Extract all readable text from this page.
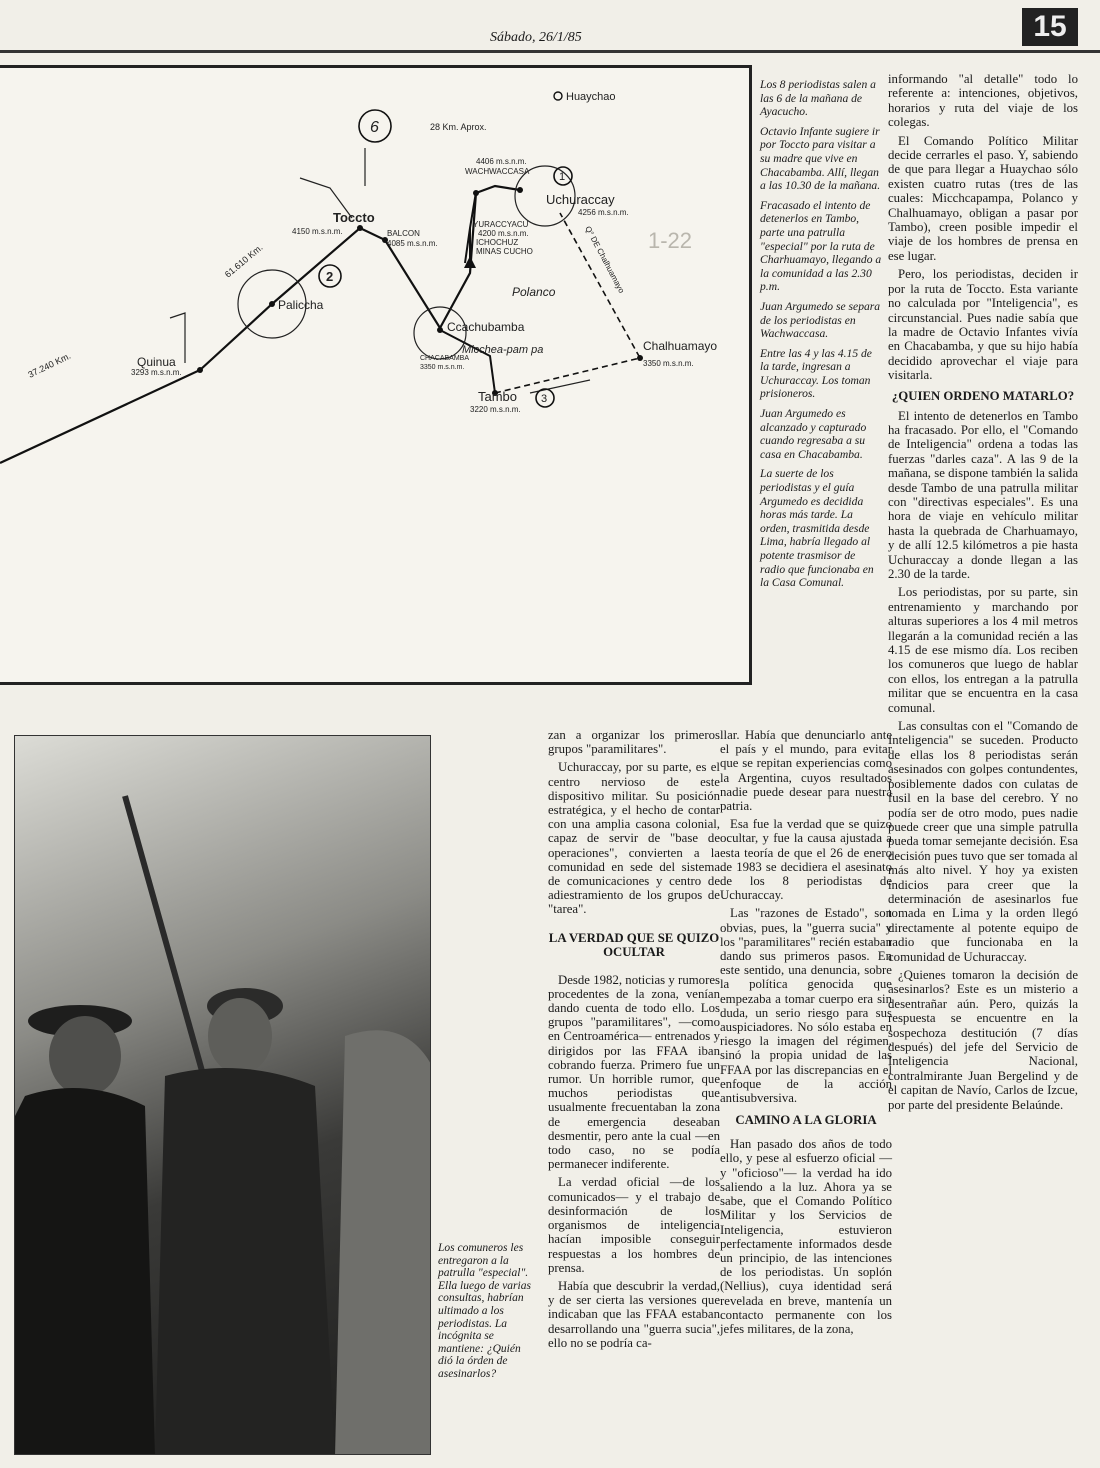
Sábado, 26/1/85	15
Huaychao
Toccto
4150 m.s.n.m.	BALCON
4085 m.s.n.m.
Paliccha
Quinua
3293 m.s.n.m.
4406 m.s.n.m.
WACHWACCASA
Uchuraccay
4256 m.s.n.m.
YURACCYACU
4200 m.s.n.m.
ICHOCHUZ
MINAS CUCHO
Ccachubamba
Micchea-pam pa
CHACABAMBA
3350 m.s.n.m.
Polanco
Chalhuamayo
3350 m.s.n.m.
Tambo
3220 m.s.n.m.
Q° DE Chalhuamayo
37.240 Km.
61.610 Km.
28 Km. Aprox.
6
2
1
3
1-22

Los 8 periodistas salen a las 6 de la mañana de Ayacucho.

Octavio Infante sugiere ir por Toccto para visitar a su madre que vive en Chacabamba. Allí, llegan a las 10.30 de la mañana.

Fracasado el intento de detenerlos en Tambo, parte una patrulla "especial" por la ruta de Charhuamayo, llegando a la comunidad a las 2.30 p.m.

Juan Argumedo se separa de los periodistas en Wachwaccasa.

Entre las 4 y las 4.15 de la tarde, ingresan a Uchuraccay. Los toman prisioneros.

Juan Argumedo es alcanzado y capturado cuando regresaba a su casa en Chacabamba.

La suerte de los periodistas y el guía Argumedo es decidida horas más tarde. La orden, trasmitida desde Lima, habría llegado al potente trasmisor de radio que funcionaba en la Casa Comunal.

informando "al detalle" todo lo referente a: intenciones, objetivos, horarios y ruta del viaje de los colegas.

El Comando Político Militar decide cerrarles el paso. Y, sabiendo de que para llegar a Huaychao sólo existen cuatro rutas (tres de las cuales: Micchcapampa, Polanco y Chalhuamayo, obligan a pasar por Tambo), creen posible impedir el viaje de los hombres de prensa en ese lugar.

Pero, los periodistas, deciden ir por la ruta de Toccto. Esta variante no calculada por "Inteligencia", es circunstancial. Pues nadie sabía que la madre de Octavio Infantes vivía en Chacabamba, y que su hijo había decidido aprovechar el viaje para visitarla.

¿QUIEN ORDENO MATARLO?

El intento de detenerlos en Tambo ha fracasado. Por ello, el "Comando de Inteligencia" ordena a todas las fuerzas "darles caza". A las 9 de la mañana, se dispone también la salida desde Tambo de una patrulla militar con "directivas especiales". Es una hora de viaje en vehículo militar hasta la quebrada de Charhuamayo, y de allí 12.5 kilómetros a pie hasta Uchuraccay a donde llegan a las 2.30 de la tarde.

Los periodistas, por su parte, sin entrenamiento y marchando por alturas superiores a los 4 mil metros llegarán a la comunidad recién a las 4.15 de ese mismo día. Los reciben los comuneros que luego de hablar con ellos, los entregan a la patrulla militar que se encuentra en la casa comunal.

Las consultas con el "Comando de Inteligencia" se suceden. Producto de ellas los 8 periodistas serán asesinados con golpes contundentes, posiblemente dados con culatas de fusil en la base del cerebro. Y no podía ser de otro modo, pues nadie puede creer que una simple patrulla pueda tomar semejante decisión. Esa decisión pues tuvo que ser tomada al más alto nivel. Y hoy ya existen indicios para creer que la determinación de asesinarlos fue tomada en Lima y la orden llegó directamente al potente equipo de radio que funcionaba en la comunidad de Uchuraccay.

¿Quienes tomaron la decisión de asesinarlos? Este es un misterio a desentrañar aún. Pero, quizás la respuesta se encuentre en la sospechoza destitución (7 días después) del jefe del Servicio de Inteligencia Nacional, contralmirante Juan Bergelind y de el capitan de Navío, Carlos de Izcue, por parte del presidente Belaúnde.

Los comuneros les entregaron a la patrulla "especial". Ella luego de varias consultas, habrían ultimado a los periodistas. La incógnita se mantiene: ¿Quién dió la órden de asesinarlos?

zan a organizar los primeros grupos "paramilitares".

Uchuraccay, por su parte, es el centro nervioso de este dispositivo militar. Su posición estratégica, y el hecho de contar con una amplia casona colonial, capaz de servir de "base de operaciones", convierten a la comunidad en sede del sistema de comunicaciones y centro de adiestramiento de los grupos de "tarea".

LA VERDAD QUE SE QUIZO OCULTAR

Desde 1982, noticias y rumores procedentes de la zona, venían dando cuenta de todo ello. Los grupos "paramilitares", —como en Centroamérica— entrenados y dirigidos por las FFAA iban cobrando fuerza. Primero fue un rumor. Un horrible rumor, que muchos periodistas que usualmente frecuentaban la zona de emergencia deseaban desmentir, pero ante la cual —en todo caso, no se podía permanecer indiferente.

La verdad oficial —de los comunicados— y el trabajo de desinformación de los organismos de inteligencia hacían imposible conseguir respuestas a los hombres de prensa.

Había que descubrir la verdad, y de ser cierta las versiones que indicaban que las FFAA estaban desarrollando una "guerra sucia", ello no se podría ca-

llar. Había que denunciarlo ante el país y el mundo, para evitar que se repitan experiencias como la Argentina, cuyos resultados nadie puede desear para nuestra patria.

Esa fue la verdad que se quizo ocultar, y fue la causa ajustada a esta teoría de que el 26 de enero de 1983 se decidiera el asesinato de los 8 periodistas de Uchuraccay.

Las "razones de Estado", son obvias, pues, la "guerra sucia" y los "paramilitares" recién estaban dando sus primeros pasos. En este sentido, una denuncia, sobre la política genocida que empezaba a tomar cuerpo era sin duda, un serio riesgo para sus auspiciadores. No sólo estaba en riesgo la imagen del régimen, sinó la propia unidad de las FFAA por las discrepancias en el enfoque de la acción antisubversiva.

CAMINO A LA GLORIA

Han pasado dos años de todo ello, y pese al esfuerzo oficial —y "oficioso"— la verdad ha ido saliendo a la luz. Ahora ya se sabe, que el Comando Político Militar y los Servicios de Inteligencia, estuvieron perfectamente informados desde un principio, de las intenciones de los periodistas. Un soplón (Nellius), cuya identidad será revelada en breve, mantenía un contacto permanente con los jefes militares, de la zona,
